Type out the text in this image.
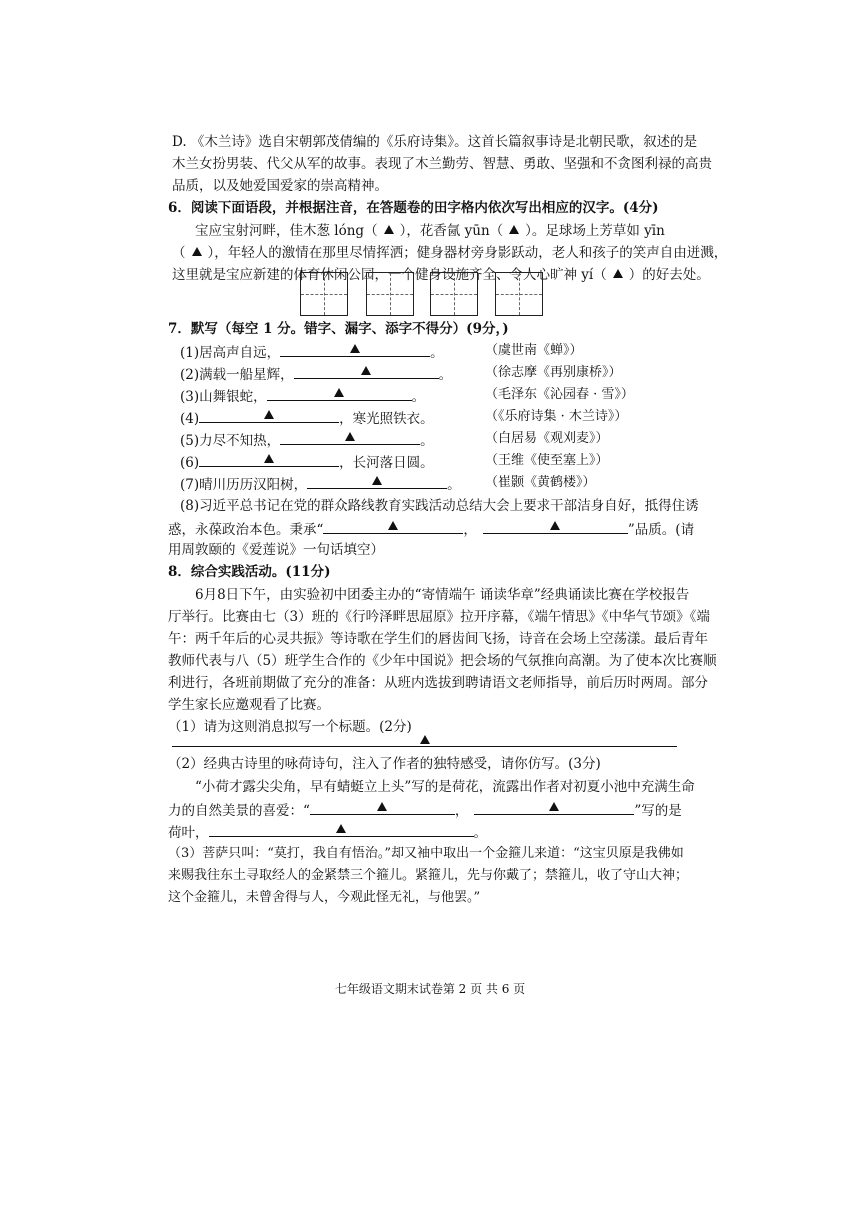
D. 《木兰诗》选自宋朝郭茂倩编的《乐府诗集》。这首长篇叙事诗是北朝民歌，叙述的是
木兰女扮男装、代父从军的故事。表现了木兰勤劳、智慧、勇敢、坚强和不贪图利禄的高贵
品质，以及她爱国爱家的崇高精神。
6．阅读下面语段，并根据注音，在答题卷的田字格内依次写出相应的汉字。(4分)
宝应宝射河畔，佳木葱 lóng（ ），花香氤 yūn（ ）。足球场上芳草如 yīn
（ ），年轻人的激情在那里尽情挥洒；健身器材旁身影跃动，老人和孩子的笑声自由迸溅，
这里就是宝应新建的体育休闲公园，一个健身设施齐全、令人心旷神 yí（ ）的好去处。
7．默写（每空 1 分。错字、漏字、添字不得分）(9分，)
(1)居高声自远，	。	（虞世南《蝉》）
(2)满载一船星辉，	。	（徐志摩《再别康桥》）
(3)山舞银蛇，	。	（毛泽东《沁园春 · 雪》）
(4)	，寒光照铁衣。	（《乐府诗集 · 木兰诗》）
(5)力尽不知热，	。	（白居易《观刈麦》）
(6)	，长河落日圆。	（王维《使至塞上》）
(7)晴川历历汉阳树，	。 （崔颢《黄鹤楼》）
(8)习近平总书记在党的群众路线教育实践活动总结大会上要求干部洁身自好，抵得住诱
惑，永葆政治本色。秉承“	，	”品质。(请
用周敦颐的《爱莲说》一句话填空）
8．综合实践活动。(11分)
6月8日下午，由实验初中团委主办的“寄情端午 诵读华章”经典诵读比赛在学校报告
厅举行。比赛由七（3）班的《行吟泽畔思屈原》拉开序幕，《端午情思》《中华气节颂》《端
午：两千年后的心灵共振》等诗歌在学生们的唇齿间飞扬，诗音在会场上空荡漾。最后青年
教师代表与八（5）班学生合作的《少年中国说》把会场的气氛推向高潮。为了使本次比赛顺
利进行，各班前期做了充分的准备：从班内选拔到聘请语文老师指导，前后历时两周。部分
学生家长应邀观看了比赛。
（1）请为这则消息拟写一个标题。(2分)
（2）经典古诗里的咏荷诗句，注入了作者的独特感受，请你仿写。(3分)
“小荷才露尖尖角，早有蜻蜓立上头”写的是荷花，流露出作者对初夏小池中充满生命
力的自然美景的喜爱：“	，	”写的是
荷叶，	。
（3）菩萨只叫：“莫打，我自有悟治。”却又袖中取出一个金箍儿来道：“这宝贝原是我佛如
来赐我往东土寻取经人的金紧禁三个箍儿。紧箍儿，先与你戴了；禁箍儿，收了守山大神；
这个金箍儿，未曾舍得与人，今观此怪无礼，与他罢。”
七年级语文期末试卷第 2 页 共 6 页
